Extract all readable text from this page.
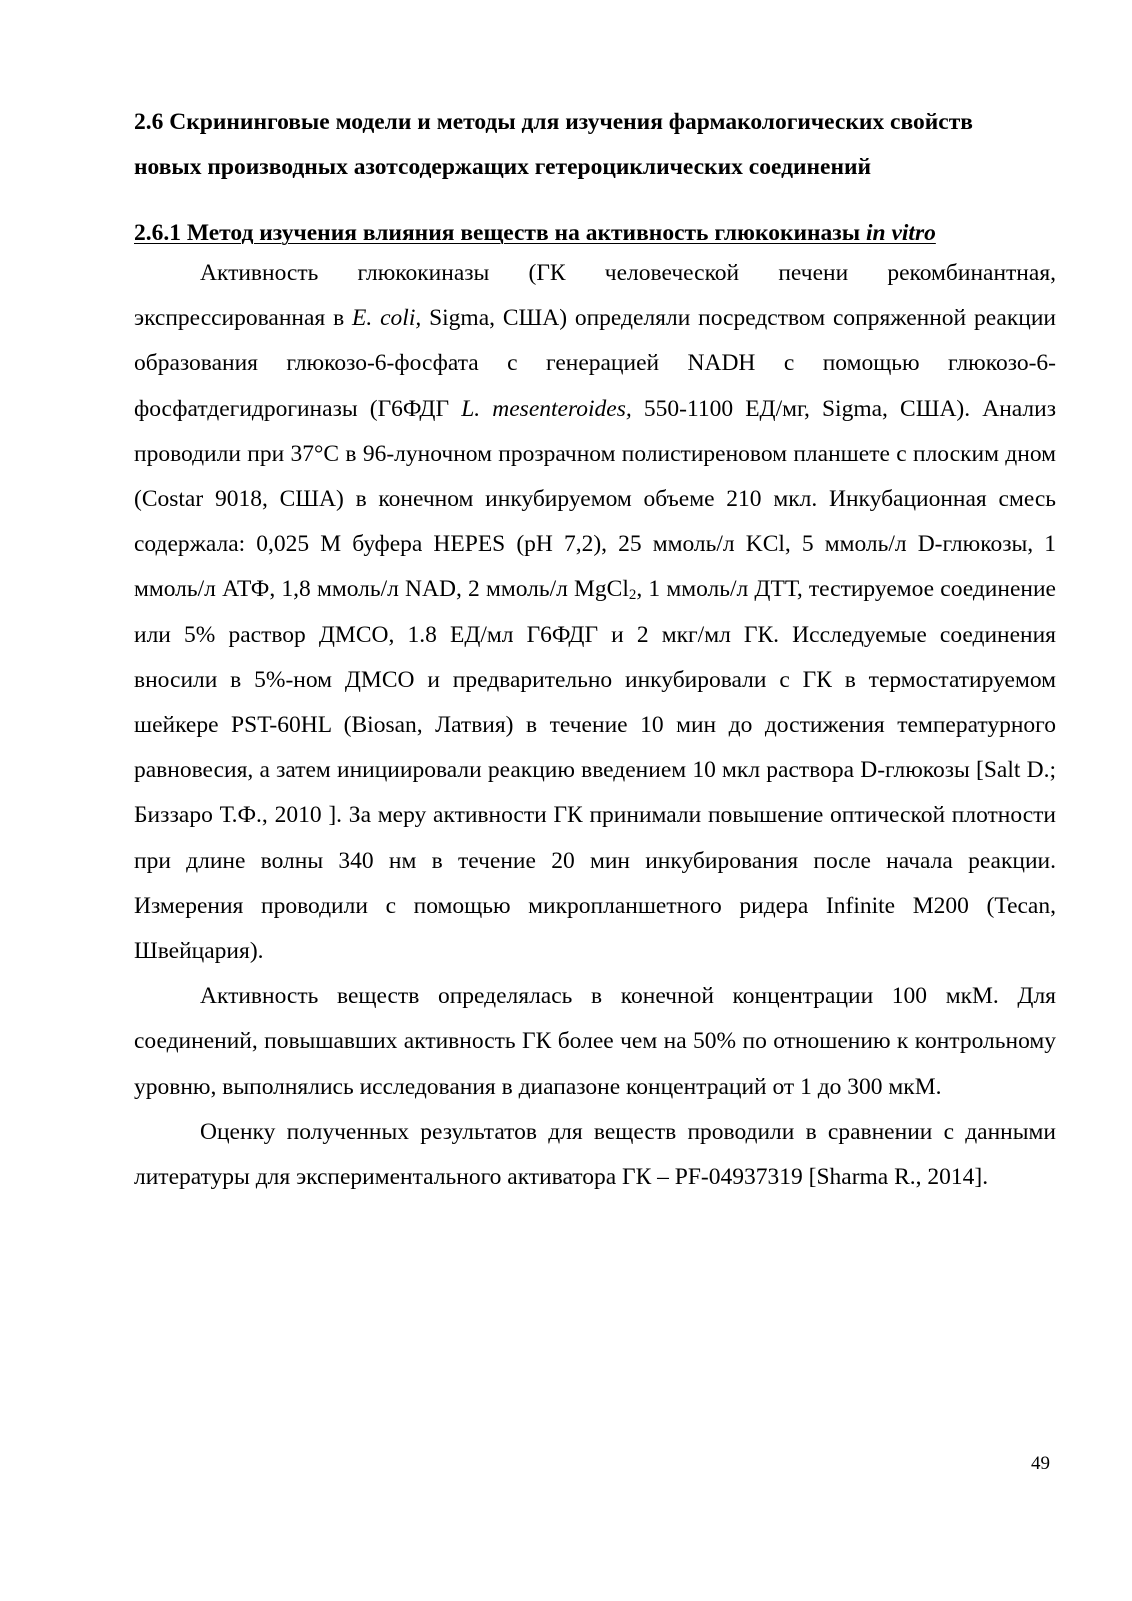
2.6 Скрининговые модели и методы для изучения фармакологических свойств
новых производных азотсодержащих гетероциклических соединений
2.6.1 Метод изучения влияния веществ на активность глюкокиназы in vitro

Активность глюкокиназы (ГК человеческой печени рекомбинантная, экспрессированная в E. coli, Sigma, США) определяли посредством сопряженной реакции образования глюкозо-6-фосфата с генерацией NADH с помощью глюкозо-6-фосфатдегидрогиназы (Г6ФДГ L. mesenteroides, 550-1100 ЕД/мг, Sigma, США). Анализ проводили при 37°С в 96-луночном прозрачном полистиреновом планшете с плоским дном (Costar 9018, США) в конечном инкубируемом объеме 210 мкл. Инкубационная смесь содержала: 0,025 М буфера HEPES (pH 7,2), 25 ммоль/л KCl, 5 ммоль/л D-глюкозы, 1 ммоль/л АТФ, 1,8 ммоль/л NAD, 2 ммоль/л MgCl$_2$, 1 ммоль/л ДТТ, тестируемое соединение или 5% раствор ДМСО, 1.8 ЕД/мл Г6ФДГ и 2 мкг/мл ГК. Исследуемые соединения вносили в 5%-ном ДМСО и предварительно инкубировали с ГК в термостатируемом шейкере PST-60HL (Biosan, Латвия) в течение 10 мин до достижения температурного равновесия, а затем инициировали реакцию введением 10 мкл раствора D-глюкозы [Salt D.; Биззаро Т.Ф., 2010 ]. За меру активности ГК принимали повышение оптической плотности при длине волны 340 нм в течение 20 мин инкубирования после начала реакции. Измерения проводили с помощью микропланшетного ридера Infinite M200 (Tecan, Швейцария).

Активность веществ определялась в конечной концентрации 100 мкМ. Для соединений, повышавших активность ГК более чем на 50% по отношению к контрольному уровню, выполнялись исследования в диапазоне концентраций от 1 до 300 мкМ.

Оценку полученных результатов для веществ проводили в сравнении с данными литературы для экспериментального активатора ГК – PF-04937319 [Sharma R., 2014].

49
